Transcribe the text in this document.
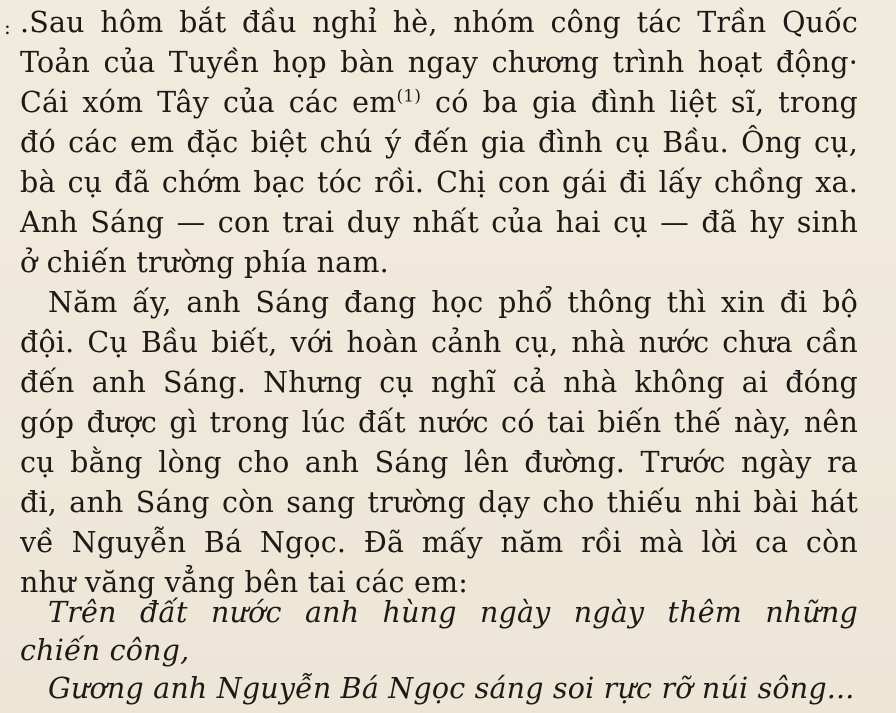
: .Sau hôm bắt đầu nghỉ hè, nhóm công tác Trần Quốc
Toản của Tuyền họp bàn ngay chương trình hoạt động·
Cái xóm Tây của các $em^{(1)}$ có ba gia đình liệt sĩ, trong
đó các em đặc biệt chú ý đến gia đình cụ Bầu. Ông cụ,
bà cụ đã chớm bạc tóc rồi. Chị con gái đi lấy chồng xa.
Anh Sáng — con trai duy nhất của hai cụ — đã hy sinh
ở chiến trường phía nam.
Năm ấy, anh Sáng đang học phổ thông thì xin đi bộ
đội. Cụ Bầu biết, với hoàn cảnh cụ, nhà nước chưa cần
đến anh Sáng. Nhưng cụ nghĩ cả nhà không ai đóng
góp được gì trong lúc đất nước có tai biến thế này, nên
cụ bằng lòng cho anh Sáng lên đường. Trước ngày ra
đi, anh Sáng còn sang trường dạy cho thiếu nhi bài hát
về Nguyễn Bá Ngọc. Đã mấy năm rồi mà lời ca còn
như văng vẳng bên tai các em:
Trên đất nước anh hùng ngày ngày thêm những
chiến công,
Gương anh Nguyễn Bá Ngọc sáng soi rực rỡ núi sông...
